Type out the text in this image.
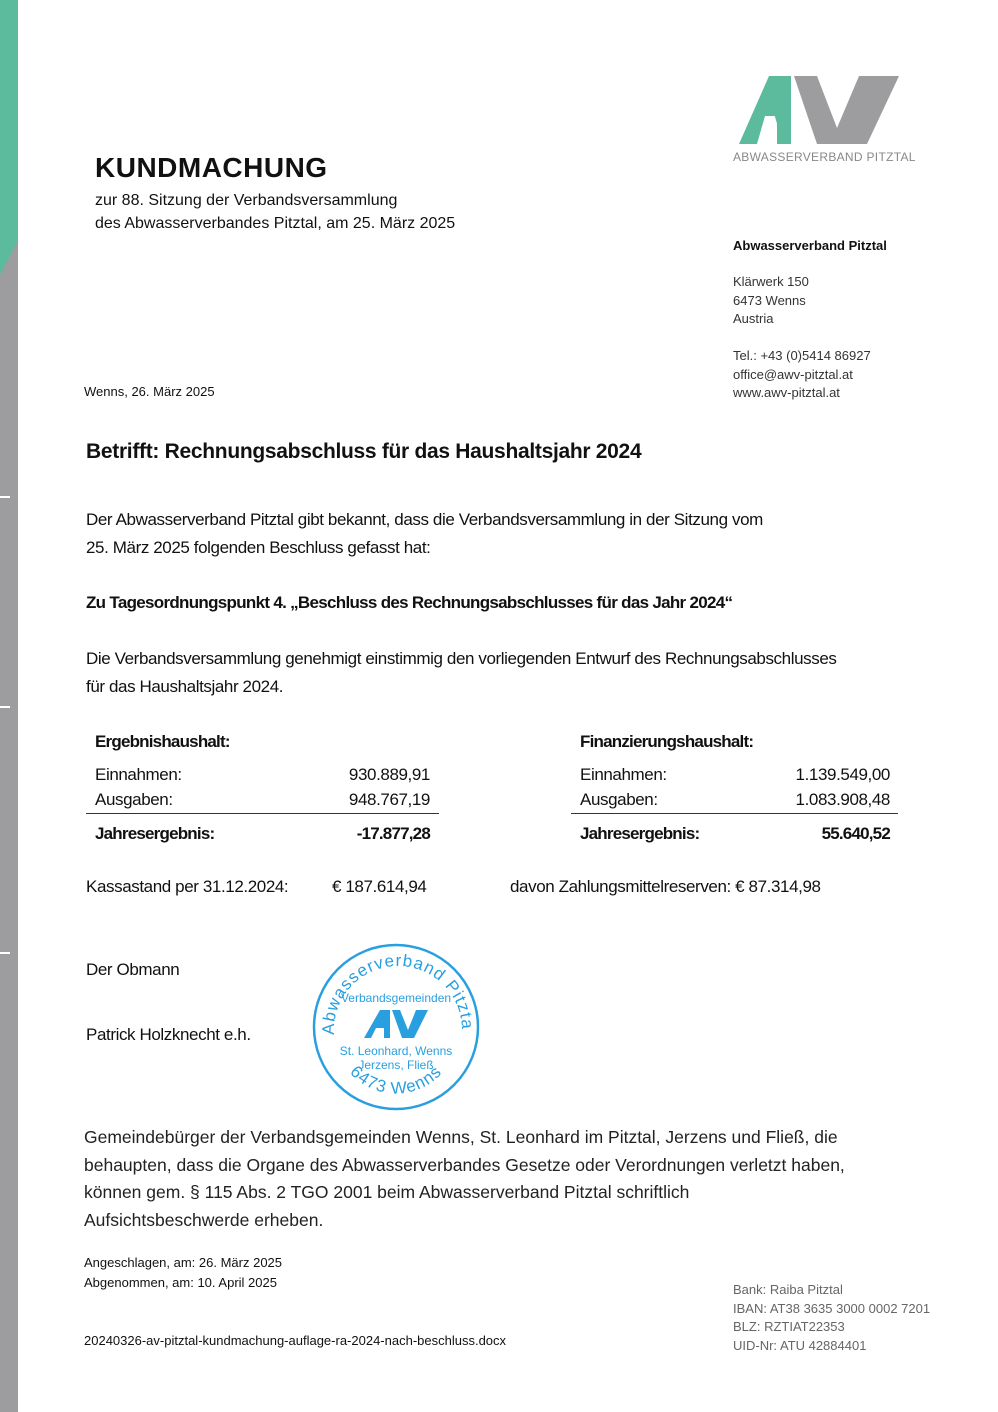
ABWASSERVERBAND PITZTAL
KUNDMACHUNG
zur 88. Sitzung der Verbandsversammlung
des Abwasserverbandes Pitztal, am 25. März 2025
Abwasserverband Pitztal
Klärwerk 150
6473 Wenns
Austria
Tel.: +43 (0)5414 86927
office@awv-pitztal.at
www.awv-pitztal.at
Wenns, 26. März 2025
Betrifft: Rechnungsabschluss für das Haushaltsjahr 2024
Der Abwasserverband Pitztal gibt bekannt, dass die Verbandsversammlung in der Sitzung vom
25. März 2025 folgenden Beschluss gefasst hat:
Zu Tagesordnungspunkt 4. „Beschluss des Rechnungsabschlusses für das Jahr 2024“
Die Verbandsversammlung genehmigt einstimmig den vorliegenden Entwurf des Rechnungsabschlusses
für das Haushaltsjahr 2024.
Ergebnishaushalt:
Einnahmen:	930.889,91
Ausgaben:	948.767,19
Jahresergebnis:	-17.877,28
Finanzierungshaushalt:
Einnahmen:	1.139.549,00
Ausgaben:	1.083.908,48
Jahresergebnis:	55.640,52
Kassastand per 31.12.2024:	€ 187.614,94	davon Zahlungsmittelreserven: € 87.314,98
Der Obmann
Patrick Holzknecht e.h.	Abwasserverband Pitzta
6473 Wenns
Verbandsgemeinden
St. Leonhard, Wenns
Jerzens, Fließ
Gemeindebürger der Verbandsgemeinden Wenns, St. Leonhard im Pitztal, Jerzens und Fließ, die
behaupten, dass die Organe des Abwasserverbandes Gesetze oder Verordnungen verletzt haben,
können gem. § 115 Abs. 2 TGO 2001 beim Abwasserverband Pitztal schriftlich
Aufsichtsbeschwerde erheben.
Angeschlagen, am: 26. März 2025
Abgenommen, am: 10. April 2025
20240326-av-pitztal-kundmachung-auflage-ra-2024-nach-beschluss.docx
Bank: Raiba Pitztal
IBAN: AT38 3635 3000 0002 7201
BLZ: RZTIAT22353
UID-Nr: ATU 42884401
